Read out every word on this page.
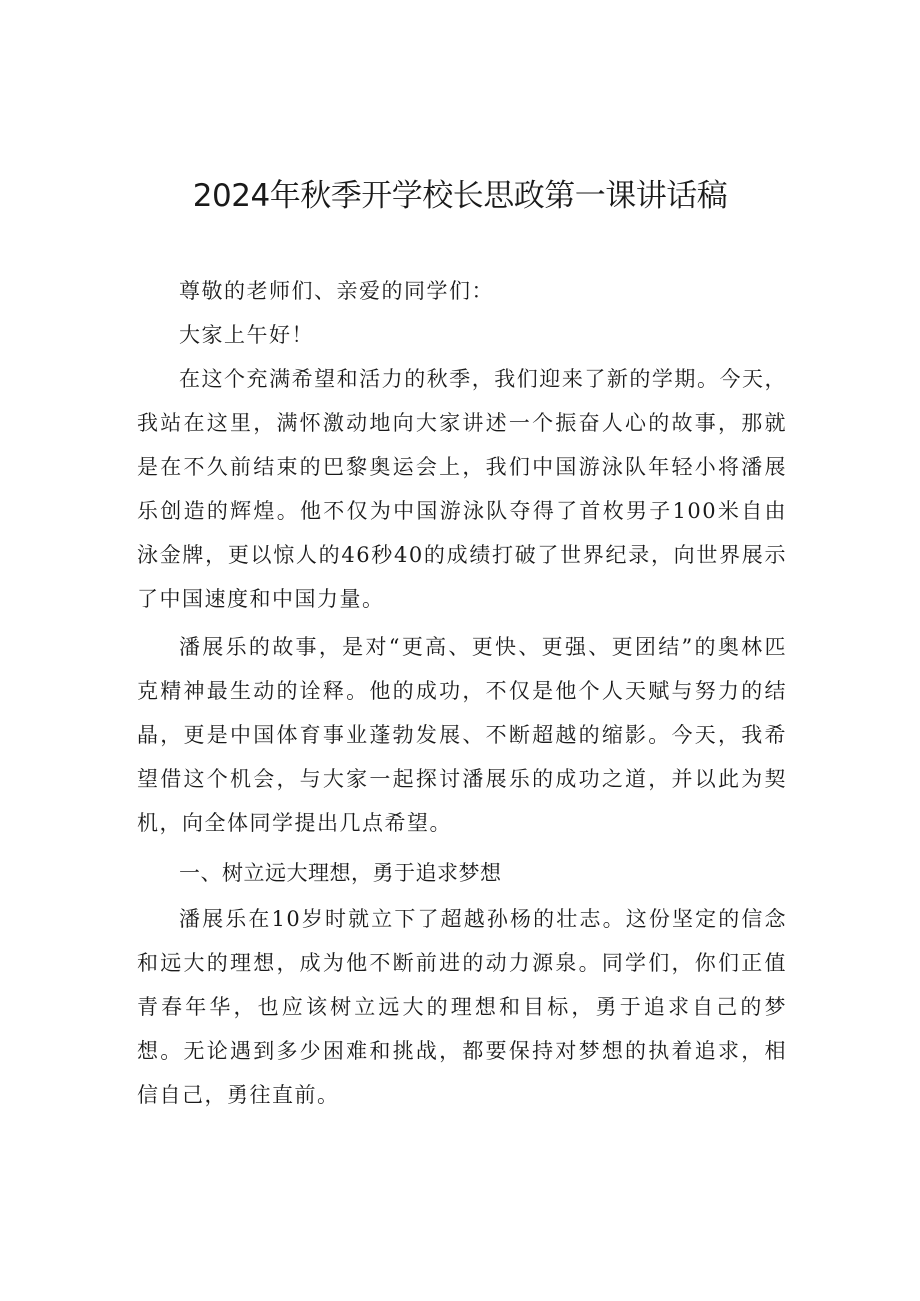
2024年秋季开学校长思政第一课讲话稿

尊敬的老师们、亲爱的同学们：

大家上午好！

在这个充满希望和活力的秋季，我们迎来了新的学期。今天，我站在这里，满怀激动地向大家讲述一个振奋人心的故事，那就是在不久前结束的巴黎奥运会上，我们中国游泳队年轻小将潘展乐创造的辉煌。他不仅为中国游泳队夺得了首枚男子100米自由泳金牌，更以惊人的46秒40的成绩打破了世界纪录，向世界展示了中国速度和中国力量。

潘展乐的故事，是对“更高、更快、更强、更团结”的奥林匹克精神最生动的诠释。他的成功，不仅是他个人天赋与努力的结晶，更是中国体育事业蓬勃发展、不断超越的缩影。今天，我希望借这个机会，与大家一起探讨潘展乐的成功之道，并以此为契机，向全体同学提出几点希望。

一、树立远大理想，勇于追求梦想

潘展乐在10岁时就立下了超越孙杨的壮志。这份坚定的信念和远大的理想，成为他不断前进的动力源泉。同学们，你们正值青春年华，也应该树立远大的理想和目标，勇于追求自己的梦想。无论遇到多少困难和挑战，都要保持对梦想的执着追求，相信自己，勇往直前。
